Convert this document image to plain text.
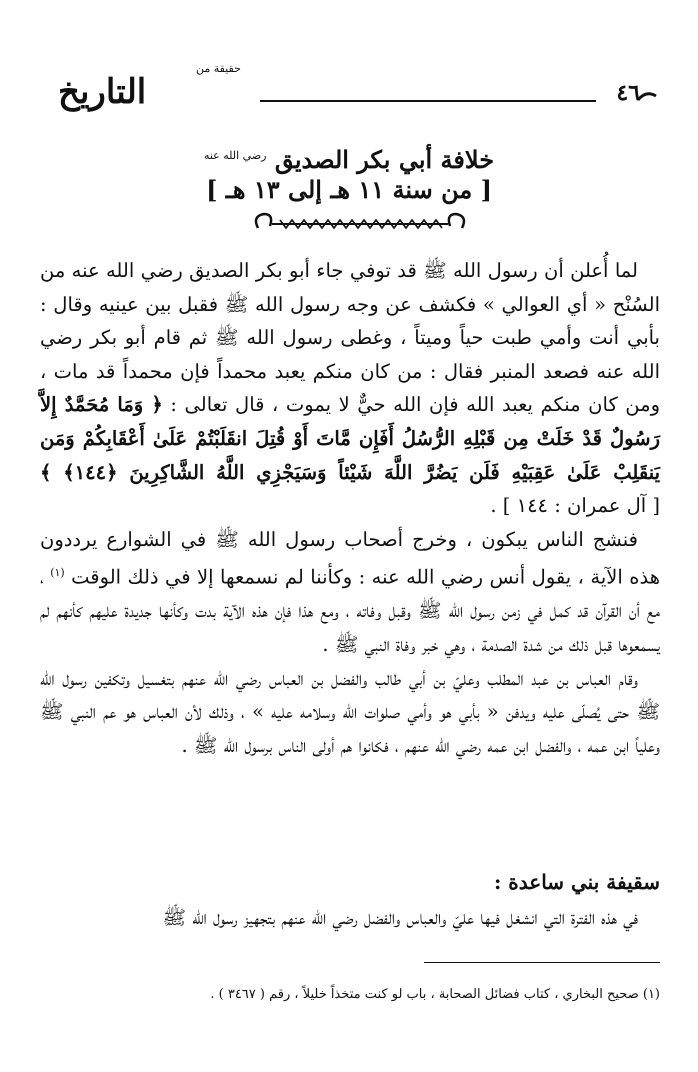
حقيقة من
التاريخ	٤٦
خلافة أبي بكر الصديق $^{رضي الله عنه}$
[ من سنة ١١ هـ إلى ١٣ هـ ]

لما أُعلن أن رسول الله ﷺ قد توفي جاء أبو بكر الصديق رضي الله عنه من السُنْح « أي العوالي » فكشف عن وجه رسول الله ﷺ فقبل بين عينيه وقال : بأبي أنت وأمي طبت حياً وميتاً ، وغطى رسول الله ﷺ ثم قام أبو بكر رضي الله عنه فصعد المنبر فقال : من كان منكم يعبد محمداً فإن محمداً قد مات ، ومن كان منكم يعبد الله فإن الله حيٌّ لا يموت ، قال تعالى : ﴿ وَمَا مُحَمَّدٌ إِلاَّ رَسُولٌ قَدْ خَلَتْ مِن قَبْلِهِ الرُّسُلُ أَفَإِن مَّاتَ أَوْ قُتِلَ انقَلَبْتُمْ عَلَىٰ أَعْقَابِكُمْ وَمَن يَنقَلِبْ عَلَىٰ عَقِبَيْهِ فَلَن يَضُرَّ اللَّهَ شَيْئاً وَسَيَجْزِي اللَّهُ الشَّاكِرِينَ ﴿١٤٤﴾ ﴾ [ آل عمران : ١٤٤ ] .

فنشج الناس يبكون ، وخرج أصحاب رسول الله ﷺ في الشوارع يرددون هذه الآية ، يقول أنس رضي الله عنه : وكأننا لم نسمعها إلا في ذلك الوقت $^{(١)}$ ، مع أن القرآن قد كمل في زمن رسول الله ﷺ وقبل وفاته ، ومع هذا فإن هذه الآية بدت وكأنها جديدة عليهم كأنهم لم يسمعوها قبل ذلك من شدة الصدمة ، وهي خبر وفاة النبي ﷺ .

وقام العباس بن عبد المطلب وعليّ بن أبي طالب والفضل بن العباس رضي الله عنهم بتغسيل وتكفين رسول الله ﷺ حتى يُصلّى عليه ويدفن « بأبي هو وأمي صلوات الله وسلامه عليه » ، وذلك لأن العباس هو عم النبي ﷺ وعلياً ابن عمه ، والفضل ابن عمه رضي الله عنهم ، فكانوا هم أولى الناس برسول الله ﷺ .

سقيفة بني ساعدة :

في هذه الفترة التي انشغل فيها عليّ والعباس والفضل رضي الله عنهم بتجهيز رسول الله ﷺ

(١) صحيح البخاري ، كتاب فضائل الصحابة ، باب لو كنت متخذاً خليلاً ، رقم ( ٣٤٦٧ ) .
